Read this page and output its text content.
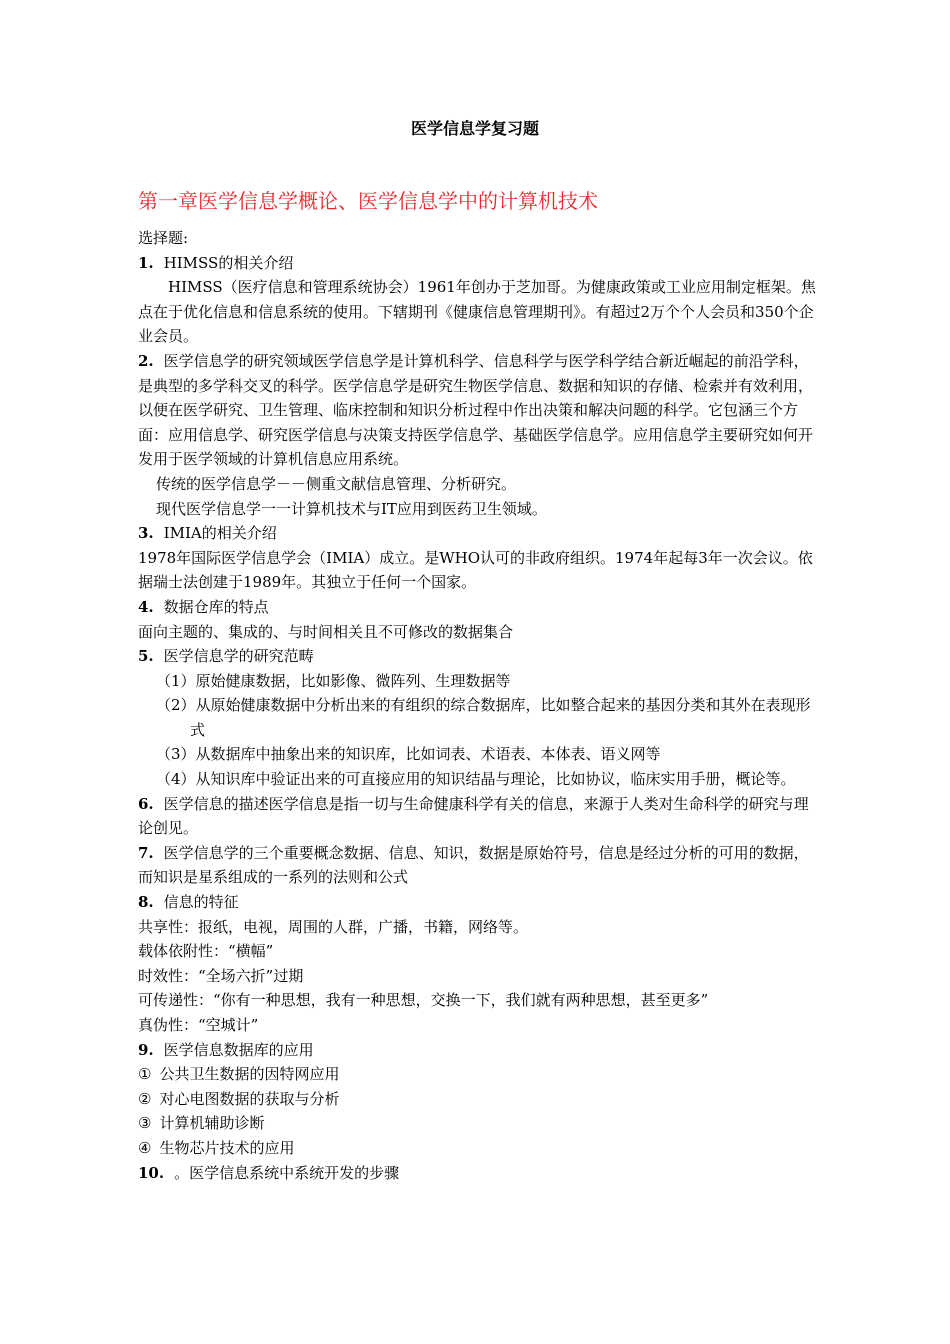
医学信息学复习题
第一章医学信息学概论、医学信息学中的计算机技术

选择题:

1. HIMSS的相关介绍

HIMSS（医疗信息和管理系统协会）1961年创办于芝加哥。为健康政策或工业应用制定框架。焦点在于优化信息和信息系统的使用。下辖期刊《健康信息管理期刊》。有超过2万个个人会员和350个企业会员。

2. 医学信息学的研究领域医学信息学是计算机科学、信息科学与医学科学结合新近崛起的前沿学科，是典型的多学科交叉的科学。医学信息学是研究生物医学信息、数据和知识的存储、检索并有效利用，以便在医学研究、卫生管理、临床控制和知识分析过程中作出决策和解决问题的科学。它包涵三个方面：应用信息学、研究医学信息与决策支持医学信息学、基础医学信息学。应用信息学主要研究如何开发用于医学领域的计算机信息应用系统。

传统的医学信息学－－侧重文献信息管理、分析研究。

现代医学信息学一一计算机技术与IT应用到医药卫生领域。

3. IMIA的相关介绍

1978年国际医学信息学会（IMIA）成立。是WHO认可的非政府组织。1974年起每3年一次会议。依据瑞士法创建于1989年。其独立于任何一个国家。

4. 数据仓库的特点

面向主题的、集成的、与时间相关且不可修改的数据集合

5. 医学信息学的研究范畴

（1）原始健康数据，比如影像、微阵列、生理数据等

（2）从原始健康数据中分析出来的有组织的综合数据库，比如整合起来的基因分类和其外在表现形式

（3）从数据库中抽象出来的知识库，比如词表、术语表、本体表、语义网等

（4）从知识库中验证出来的可直接应用的知识结晶与理论，比如协议，临床实用手册，概论等。

6. 医学信息的描述医学信息是指一切与生命健康科学有关的信息，来源于人类对生命科学的研究与理论创见。

7. 医学信息学的三个重要概念数据、信息、知识，数据是原始符号，信息是经过分析的可用的数据，而知识是星系组成的一系列的法则和公式

8. 信息的特征

共享性：报纸，电视，周围的人群，广播，书籍，网络等。

载体依附性：“横幅”

时效性：“全场六折”过期

可传递性：“你有一种思想，我有一种思想，交换一下，我们就有两种思想，甚至更多”

真伪性：“空城计”

9. 医学信息数据库的应用

① 公共卫生数据的因特网应用

② 对心电图数据的获取与分析

③ 计算机辅助诊断

④ 生物芯片技术的应用

10. 。医学信息系统中系统开发的步骤
